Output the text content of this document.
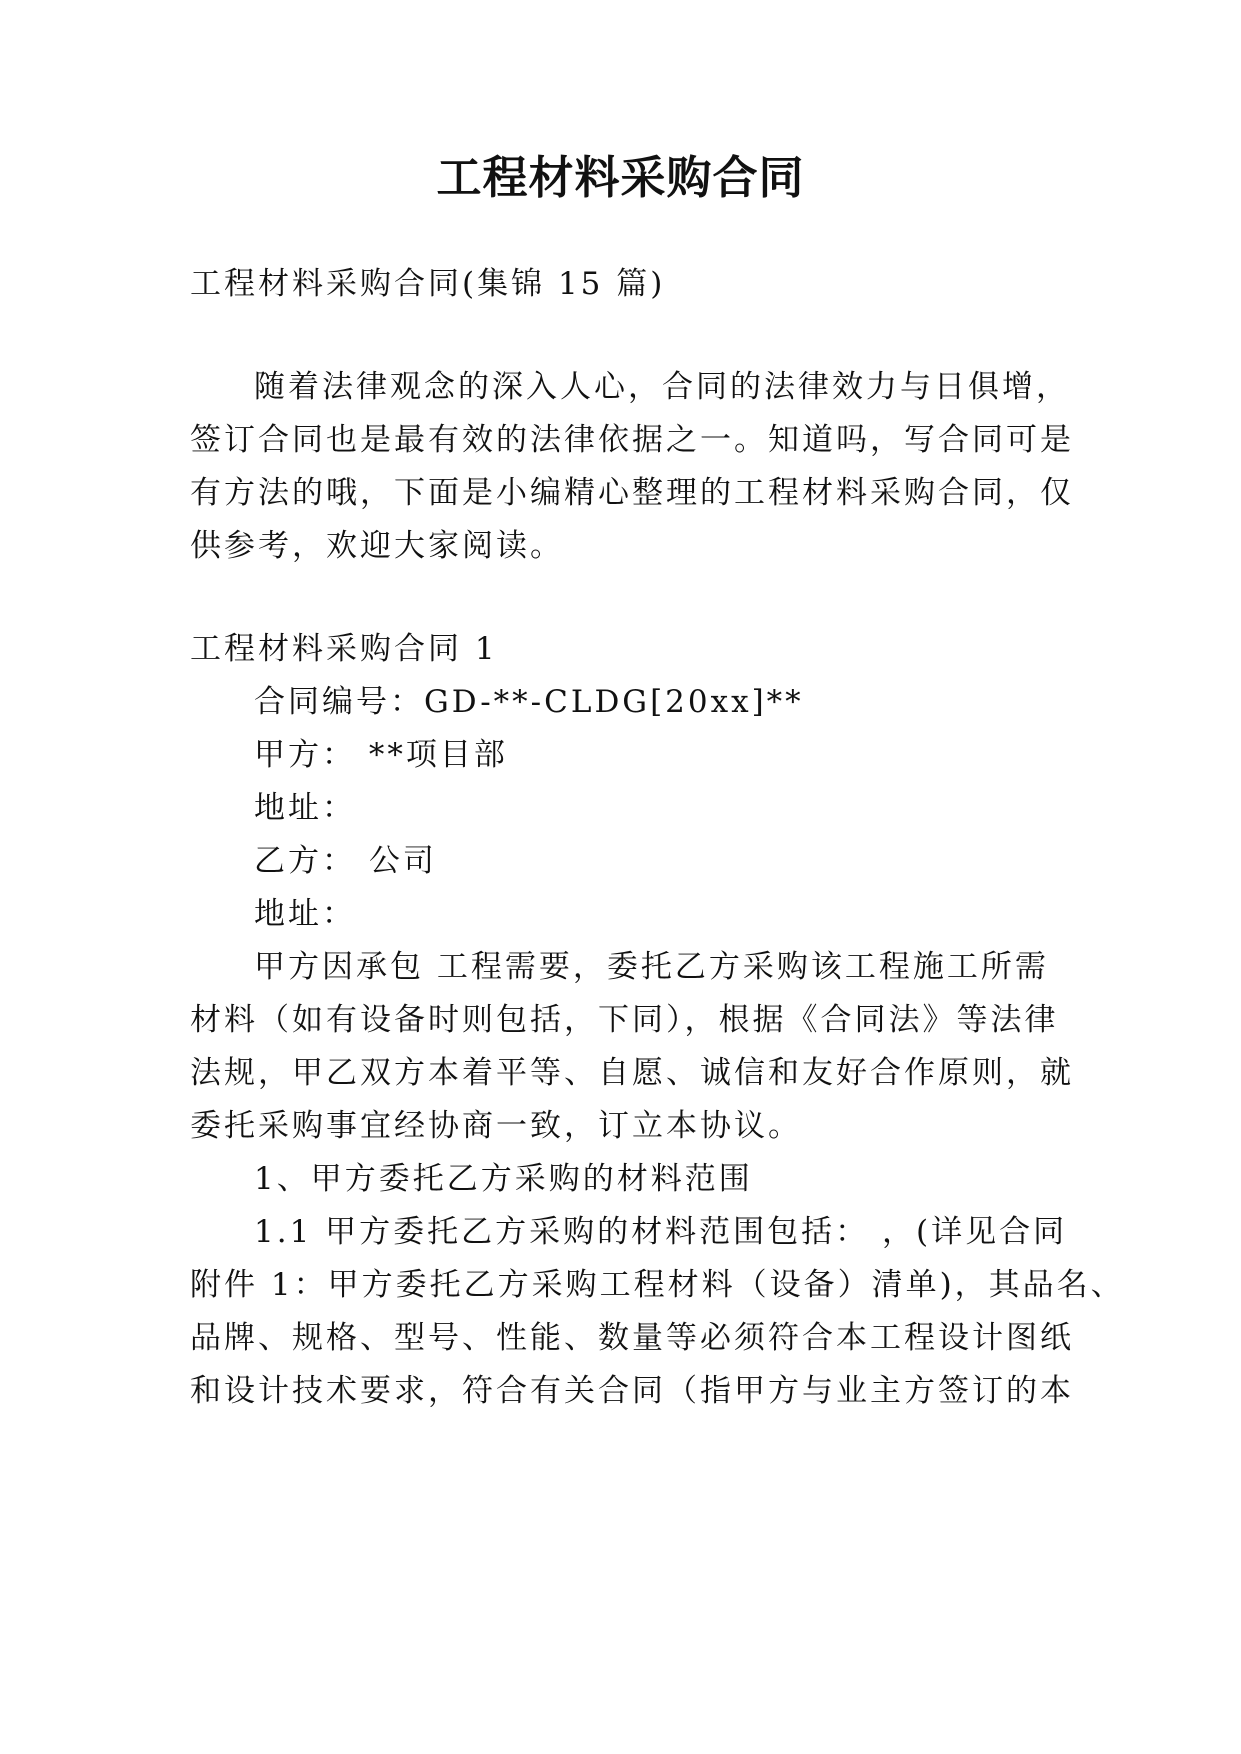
工程材料采购合同

工程材料采购合同(集锦 15 篇)

随着法律观念的深入人心，合同的法律效力与日俱增，

签订合同也是最有效的法律依据之一。知道吗，写合同可是

有方法的哦，下面是小编精心整理的工程材料采购合同，仅

供参考，欢迎大家阅读。

工程材料采购合同 1

合同编号：GD-**-CLDG[20xx]**

甲方： **项目部

地址：

乙方： 公司

地址：

甲方因承包 工程需要，委托乙方采购该工程施工所需

材料（如有设备时则包括，下同），根据《合同法》等法律

法规，甲乙双方本着平等、自愿、诚信和友好合作原则，就

委托采购事宜经协商一致，订立本协议。

1、甲方委托乙方采购的材料范围

1.1 甲方委托乙方采购的材料范围包括： ，(详见合同

附件 1：甲方委托乙方采购工程材料（设备）清单)，其品名、

品牌、规格、型号、性能、数量等必须符合本工程设计图纸

和设计技术要求，符合有关合同（指甲方与业主方签订的本
